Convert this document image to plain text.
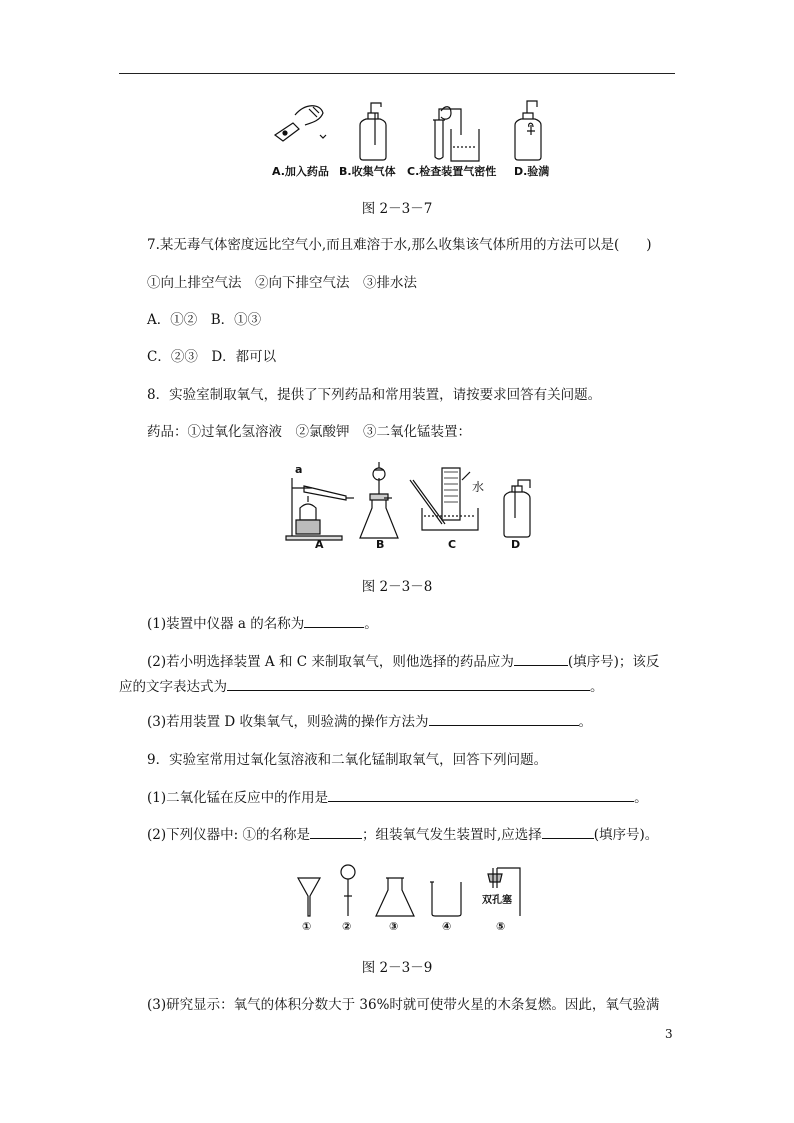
A.加入药品 B.收集气体 C.检查装置气密性 D.验满
图 2－3－7
7.某无毒气体密度远比空气小,而且难溶于水,那么收集该气体所用的方法可以是(　　)
①向上排空气法　②向下排空气法　③排水法
A．①②　B．①③
C．②③　D．都可以
8．实验室制取氧气，提供了下列药品和常用装置，请按要求回答有关问题。
药品：①过氧化氢溶液　②氯酸钾　③二氧化锰装置：
a
水
A	B	C	D
图 2－3－8
(1)装置中仪器 a 的名称为	。
(2)若小明选择装置 A 和 C 来制取氧气，则他选择的药品应为	(填序号)；该反
应的文字表达式为	。
(3)若用装置 D 收集氧气，则验满的操作方法为	。
9．实验室常用过氧化氢溶液和二氧化锰制取氧气，回答下列问题。
(1)二氧化锰在反应中的作用是	。
(2)下列仪器中: ①的名称是	；组装氧气发生装置时,应选择	(填序号)。
双孔塞
①	②	③	④	⑤
图 2－3－9
(3)研究显示：氧气的体积分数大于 36%时就可使带火星的木条复燃。因此，氧气验满
3
